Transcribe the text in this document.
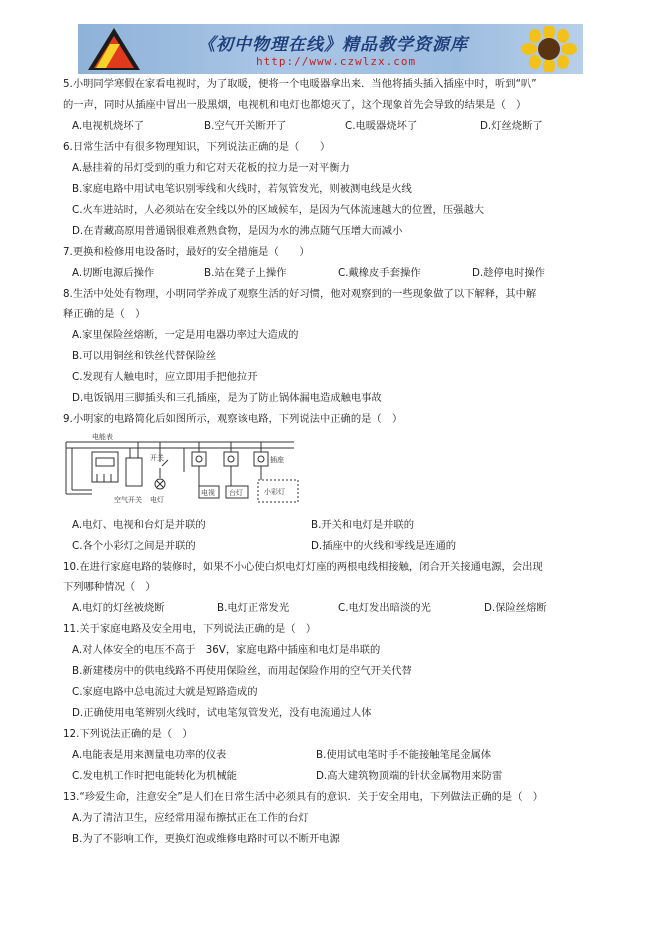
《初中物理在线》精品教学资源库
http://www.czwlzx.com
5.小明同学寒假在家看电视时，为了取暖，便将一个电暖器拿出来．当他将插头插入插座中时，听到“叭”
的一声，同时从插座中冒出一股黑烟，电视机和电灯也都熄灭了，这个现象首先会导致的结果是（　）
A.电视机烧坏了	B.空气开关断开了	C.电暖器烧坏了	D.灯丝烧断了
6.日常生活中有很多物理知识，下列说法正确的是（　　）
A.悬挂着的吊灯受到的重力和它对天花板的拉力是一对平衡力
B.家庭电路中用试电笔识别零线和火线时，若氖管发光，则被测电线是火线
C.火车进站时，人必须站在安全线以外的区域候车，是因为气体流速越大的位置，压强越大
D.在青藏高原用普通锅很难煮熟食物，是因为水的沸点随气压增大而减小
7.更换和检修用电设备时，最好的安全措施是（　　）
A.切断电源后操作	B.站在凳子上操作	C.戴橡皮手套操作	D.趁停电时操作
8.生活中处处有物理，小明同学养成了观察生活的好习惯，他对观察到的一些现象做了以下解释，其中解
释正确的是（　）
A.家里保险丝熔断，一定是用电器功率过大造成的
B.可以用铜丝和铁丝代替保险丝
C.发现有人触电时，应立即用手把他拉开
D.电饭锅用三脚插头和三孔插座，是为了防止锅体漏电造成触电事故
9.小明家的电路简化后如图所示，观察该电路，下列说法中正确的是（　）
电能表
空气开关
开关
电灯
电视 台灯	小彩灯
插座
A.电灯、电视和台灯是并联的	B.开关和电灯是并联的
C.各个小彩灯之间是并联的	D.插座中的火线和零线是连通的
10.在进行家庭电路的装修时，如果不小心使白炽电灯灯座的两根电线相接触，闭合开关接通电源，会出现
下列哪种情况（　）
A.电灯的灯丝被烧断	B.电灯正常发光	C.电灯发出暗淡的光	D.保险丝熔断
11.关于家庭电路及安全用电，下列说法正确的是（　）
A.对人体安全的电压不高于　36V，家庭电路中插座和电灯是串联的
B.新建楼房中的供电线路不再使用保险丝，而用起保险作用的空气开关代替
C.家庭电路中总电流过大就是短路造成的
D.正确使用电笔辨别火线时，试电笔氖管发光，没有电流通过人体
12.下列说法正确的是（　）
A.电能表是用来测量电功率的仪表	B.使用试电笔时手不能接触笔尾金属体
C.发电机工作时把电能转化为机械能	D.高大建筑物顶端的针状金属物用来防雷
13.“珍爱生命，注意安全”是人们在日常生活中必须具有的意识．关于安全用电，下列做法正确的是（　）
A.为了清洁卫生，应经常用湿布擦拭正在工作的台灯
B.为了不影响工作，更换灯泡或维修电路时可以不断开电源
